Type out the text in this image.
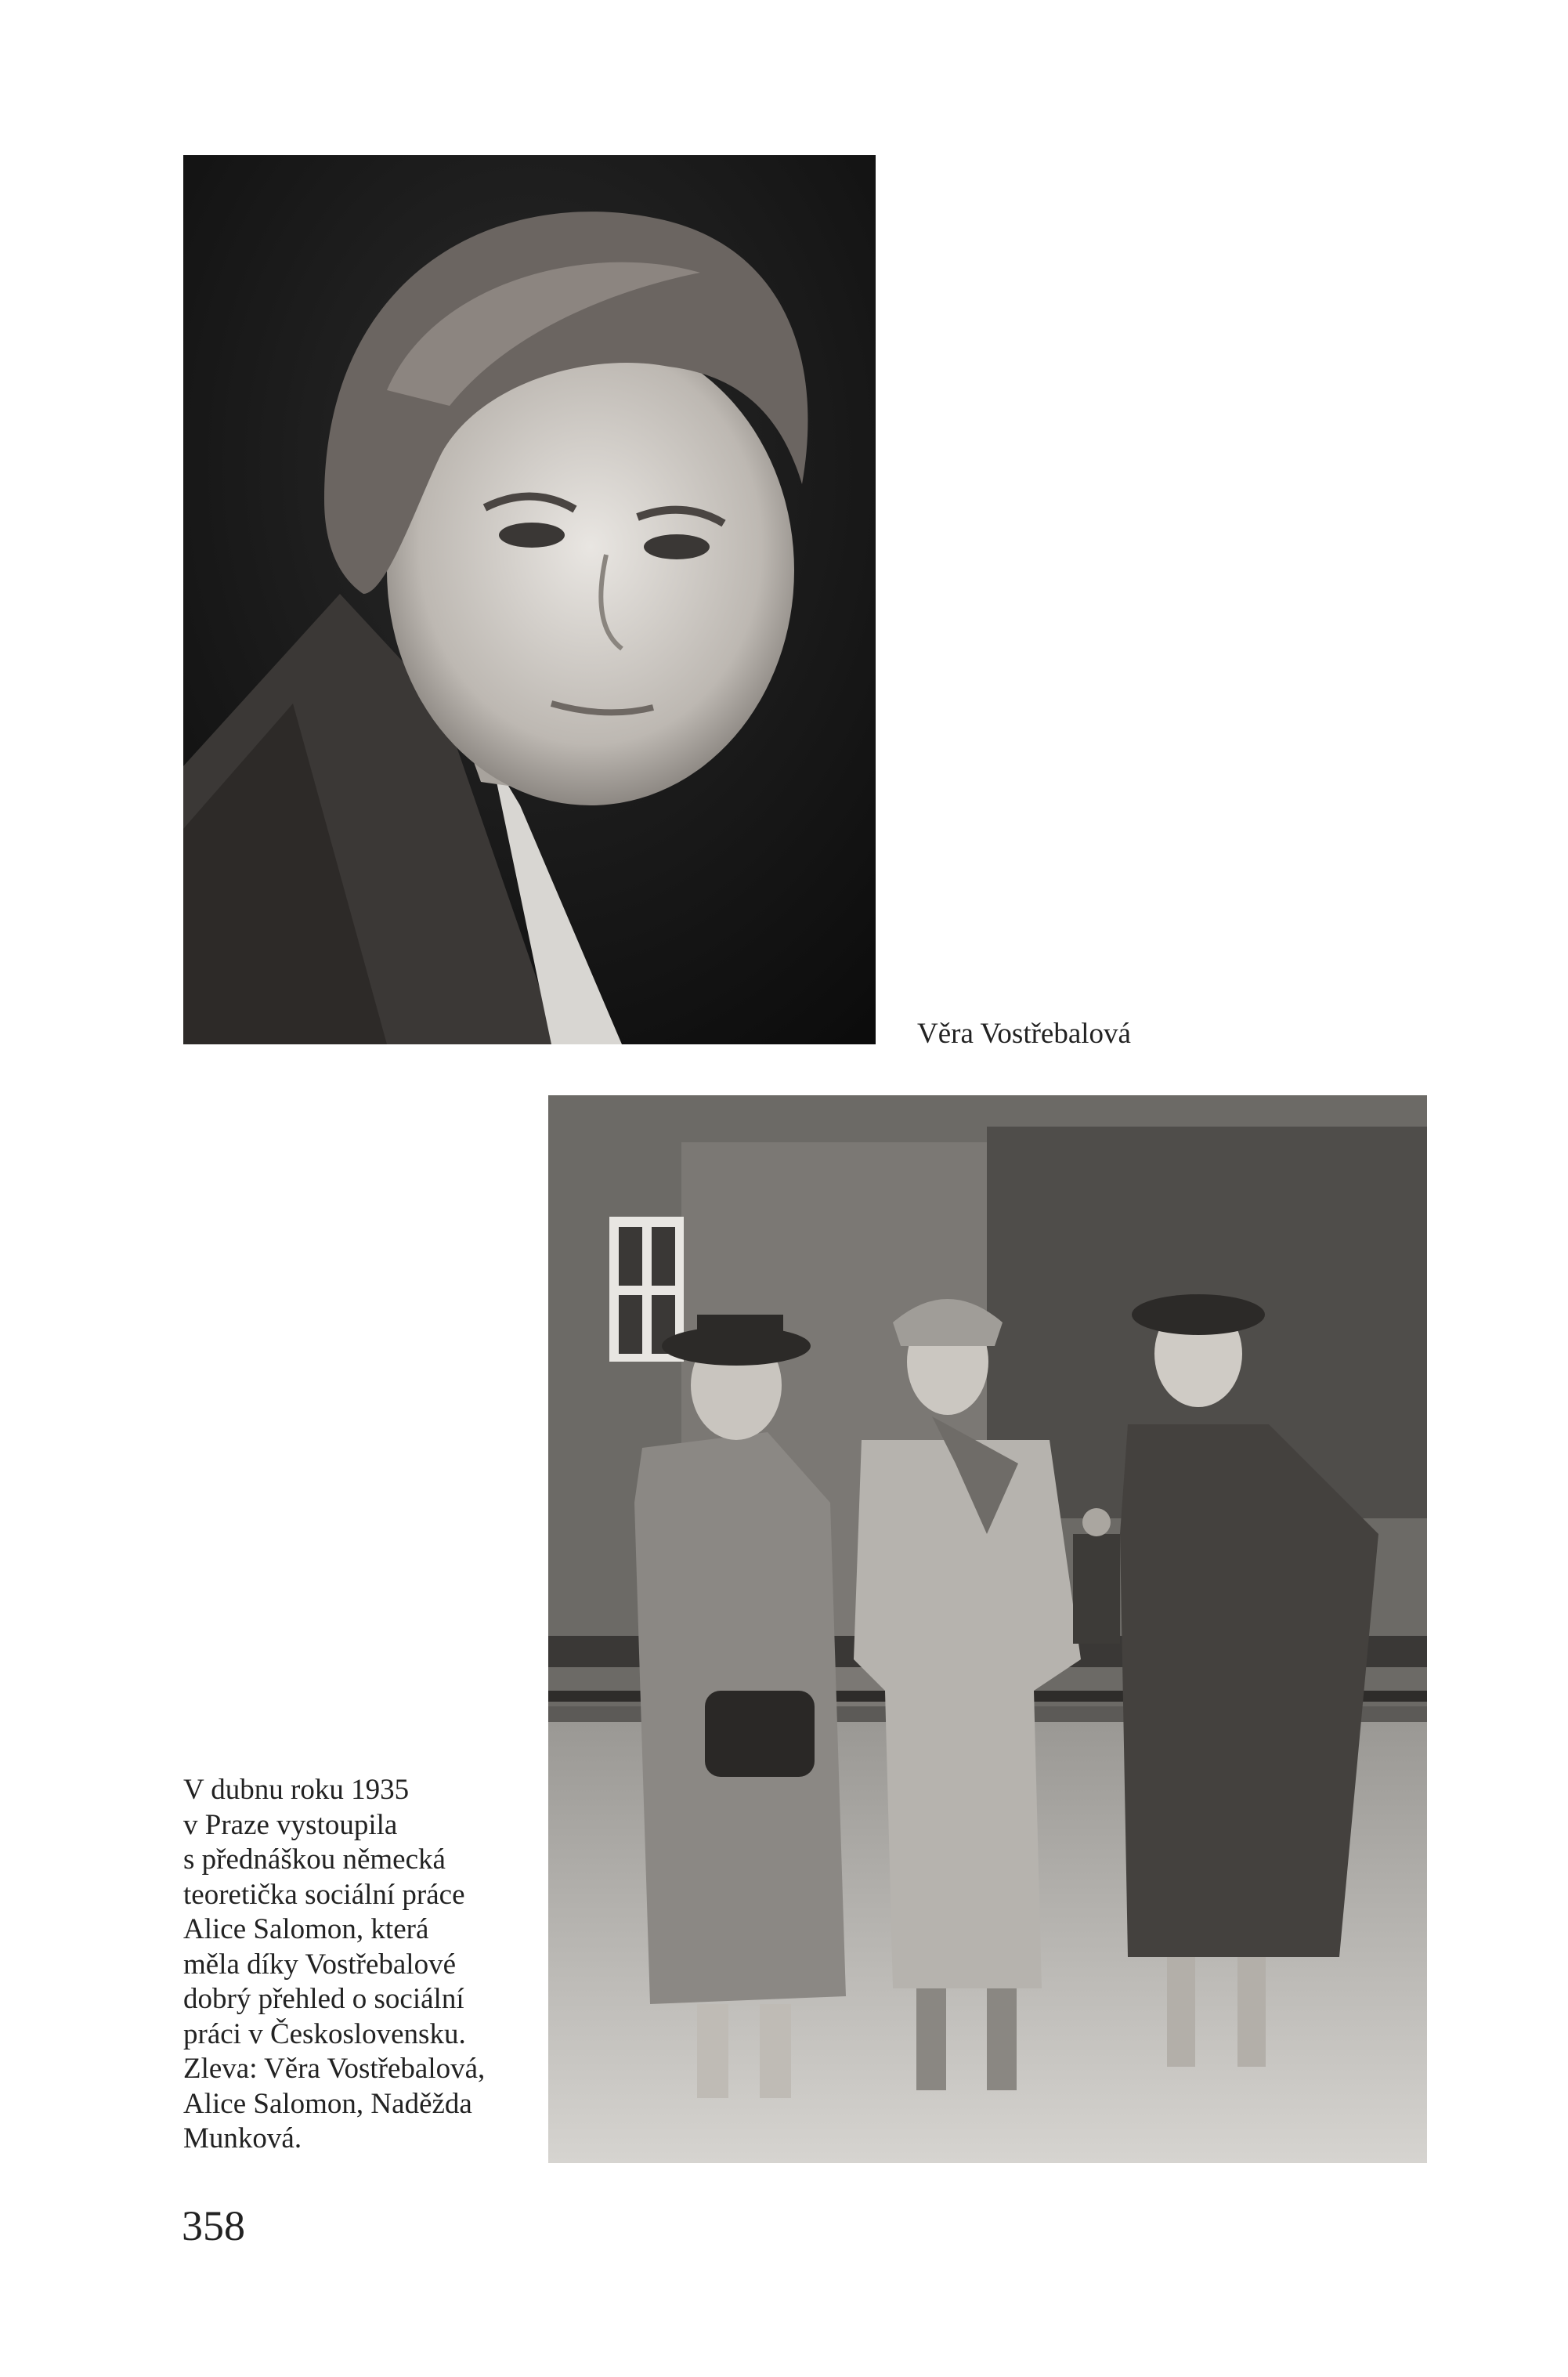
Věra Vostřebalová
V dubnu roku 1935
v Praze vystoupila
s přednáškou německá
teoretička sociální práce
Alice Salomon, která
měla díky Vostřebalové
dobrý přehled o sociální
práci v Československu.
Zleva: Věra Vostřebalová,
Alice Salomon, Naděžda
Munková.
358
